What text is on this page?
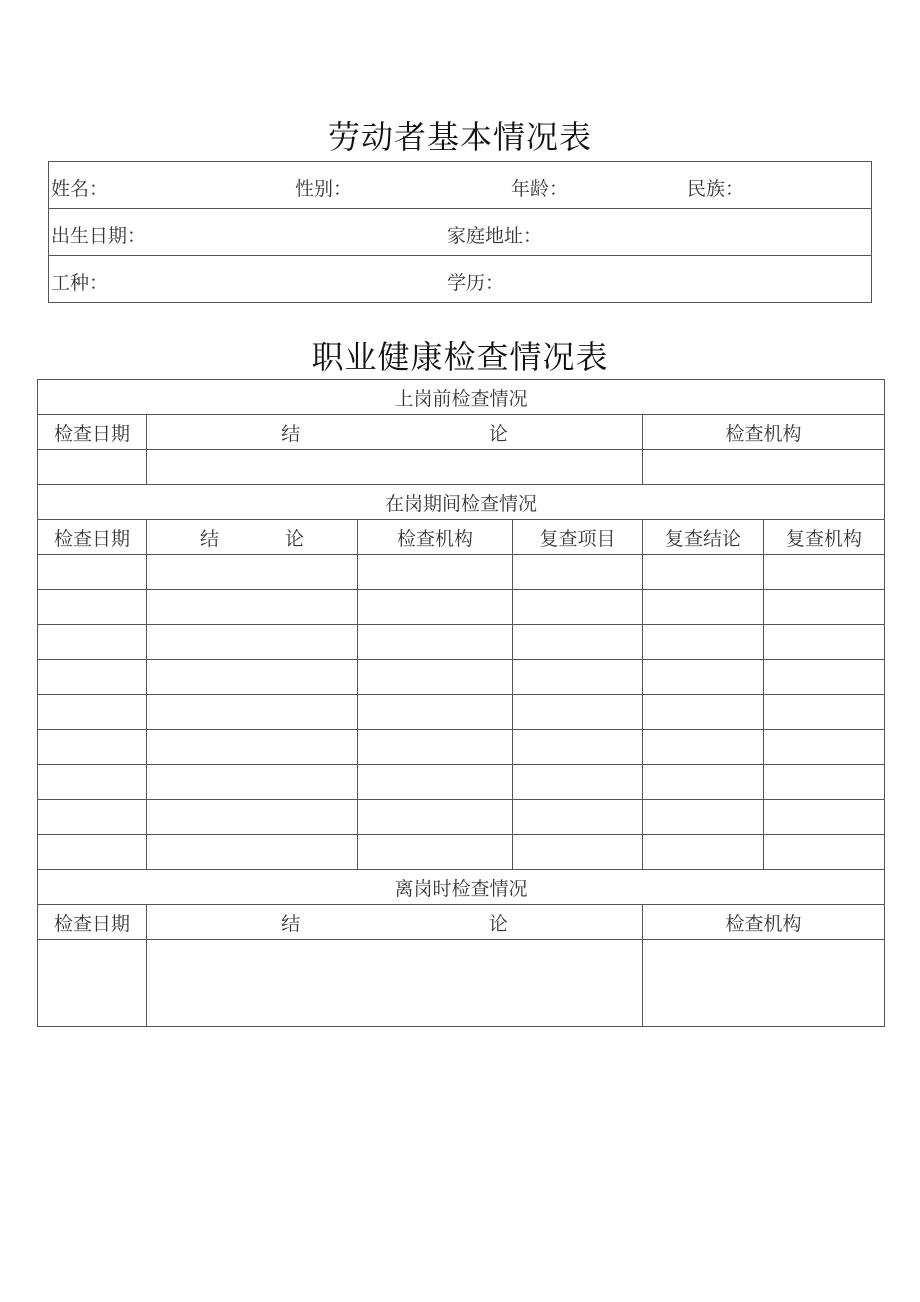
劳动者基本情况表
姓名：	性别：	年龄：	民族：

出生日期：	家庭地址：

工种：	学历：
职业健康检查情况表
上岗前检查情况					
检查日期	结 论			检查机构	

在岗期间检查情况					
检查日期	结 论	检查机构	复查项目	复查结论	复查机构

离岗时检查情况					
检查日期	结 论			检查机构	
